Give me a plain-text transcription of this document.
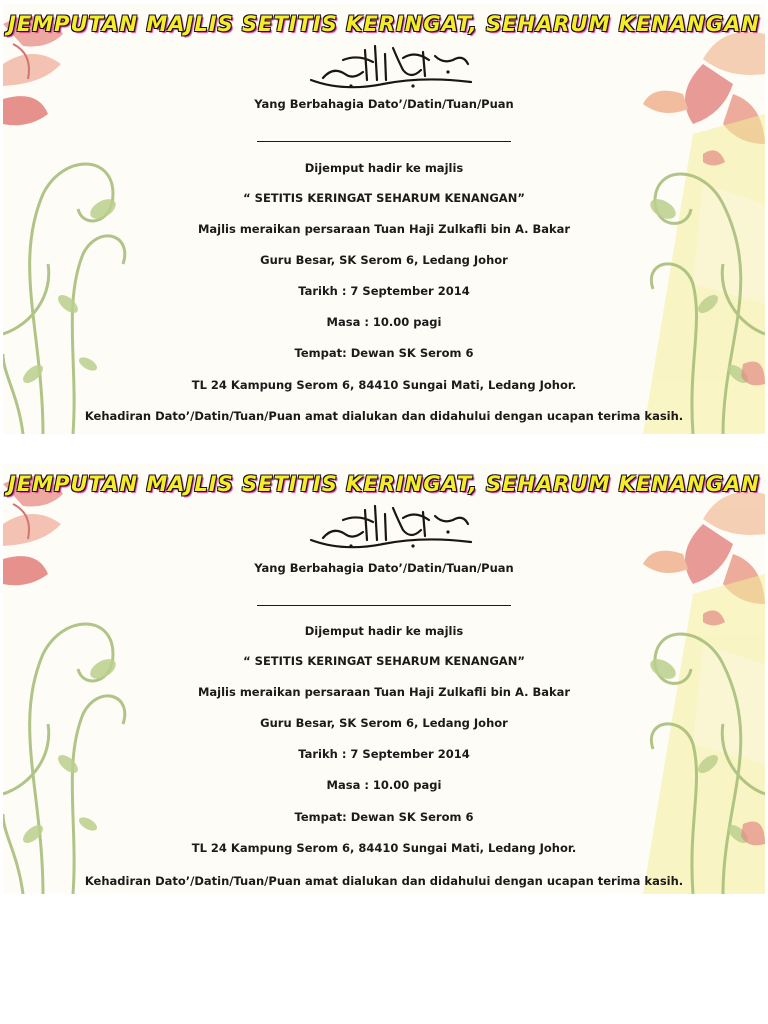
JEMPUTAN MAJLIS SETITIS KERINGAT, SEHARUM KENANGAN
Yang Berbahagia Dato’/Datin/Tuan/Puan
Dijemput hadir ke majlis
“ SETITIS KERINGAT SEHARUM KENANGAN”
Majlis meraikan persaraan Tuan Haji Zulkafli bin A. Bakar
Guru Besar, SK Serom 6, Ledang Johor
Tarikh : 7 September 2014
Masa : 10.00 pagi
Tempat: Dewan SK Serom 6
TL 24 Kampung Serom 6, 84410 Sungai Mati, Ledang Johor.
Kehadiran Dato’/Datin/Tuan/Puan amat dialukan dan didahului dengan ucapan terima kasih.
JEMPUTAN MAJLIS SETITIS KERINGAT, SEHARUM KENANGAN
Yang Berbahagia Dato’/Datin/Tuan/Puan
Dijemput hadir ke majlis
“ SETITIS KERINGAT SEHARUM KENANGAN”
Majlis meraikan persaraan Tuan Haji Zulkafli bin A. Bakar
Guru Besar, SK Serom 6, Ledang Johor
Tarikh : 7 September 2014
Masa : 10.00 pagi
Tempat: Dewan SK Serom 6
TL 24 Kampung Serom 6, 84410 Sungai Mati, Ledang Johor.
Kehadiran Dato’/Datin/Tuan/Puan amat dialukan dan didahului dengan ucapan terima kasih.
